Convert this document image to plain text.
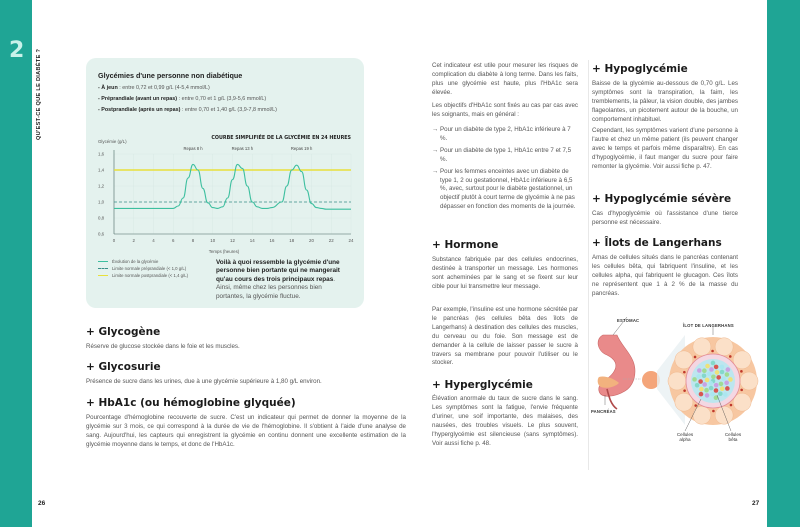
2 QU'EST-CE QUE LE DIABÈTE ?
26	27
Glycémies d'une personne non diabétique
- À jeun : entre 0,72 et 0,99 g/L (4-5,4 mmol/L)
- Préprandiale (avant un repas) : entre 0,70 et 1 g/L (3,9-5,6 mmol/L)
- Postprandiale (après un repas) : entre 0,70 et 1,40 g/L (3,9-7,8 mmol/L)
COURBE SIMPLIFIÉE DE LA GLYCÉMIE EN 24 HEURES
Glycémie (g/L)
Temps (heures)
0	2	4	6	8	10	12	14	16	18	20	22	24
0,6
0,8
1,0
1,2
1,4
1,6
Repas 8 h	Repas 13 h	Repas 19 h
Évolution de la glycémie
Limite normale préprandiale (< 1,0 g/L)
Limite normale postprandiale (< 1,4 g/L)
Voilà à quoi ressemble la glycémie d'une personne bien portante qui ne mangerait qu'au cours des trois principaux repas. Ainsi, même chez les personnes bien portantes, la glycémie fluctue.
+ Glycogène
Réserve de glucose stockée dans le foie et les muscles.
+ Glycosurie
Présence de sucre dans les urines, due à une glycémie supérieure à 1,80 g/L environ.
+ HbA1c (ou hémoglobine glyquée)
Pourcentage d'hémoglobine recouverte de sucre. C'est un indicateur qui permet de donner la moyenne de la glycémie sur 3 mois, ce qui correspond à la durée de vie de l'hémoglobine. Il s'obtient à l'aide d'une analyse de sang. Aujourd'hui, les capteurs qui enregistrent la glycémie en continu donnent une excellente estimation de la glycémie moyenne dans le temps, et donc de l'HbA1c.
Cet indicateur est utile pour mesurer les risques de complication du diabète à long terme. Dans les faits, plus une glycémie est haute, plus l'HbA1c sera élevée.
Les objectifs d'HbA1c sont fixés au cas par cas avec les soignants, mais en général :
→ Pour un diabète de type 2, HbA1c inférieure à 7 %.
→ Pour un diabète de type 1, HbA1c entre 7 et 7,5 %.
→ Pour les femmes enceintes avec un diabète de type 1, 2 ou gestationnel, HbA1c inférieure à 6,5 %, avec, surtout pour le diabète gestationnel, un objectif plutôt à court terme de glycémie à ne pas dépasser en fonction des moments de la journée.
+ Hormone
Substance fabriquée par des cellules endocrines, destinée à transporter un message. Les hormones sont acheminées par le sang et se fixent sur leur cible pour lui transmettre leur message.
Par exemple, l'insuline est une hormone sécrétée par le pancréas (les cellules bêta des îlots de Langerhans) à destination des cellules des muscles, du cerveau ou du foie. Son message est de demander à la cellule de laisser passer le sucre à travers sa membrane pour pouvoir l'utiliser ou le stocker.
+ Hyperglycémie
Élévation anormale du taux de sucre dans le sang. Les symptômes sont la fatigue, l'envie fréquente d'uriner, une soif importante, des malaises, des nausées, des troubles visuels. Le plus souvent, l'hyperglycémie est silencieuse (sans symptômes). Voir aussi fiche p. 48.
+ Hypoglycémie
Baisse de la glycémie au-dessous de 0,70 g/L. Les symptômes sont la transpiration, la faim, les tremblements, la pâleur, la vision double, des jambes flageolantes, un picotement autour de la bouche, un comportement inhabituel.
Cependant, les symptômes varient d'une personne à l'autre et chez un même patient (ils peuvent changer avec le temps et parfois même disparaître). En cas d'hypoglycémie, il faut manger du sucre pour faire remonter la glycémie. Voir aussi fiche p. 47.
+ Hypoglycémie sévère
Cas d'hypoglycémie où l'assistance d'une tierce personne est nécessaire.
+ Îlots de Langerhans
Amas de cellules situés dans le pancréas contenant les cellules bêta, qui fabriquent l'insuline, et les cellules alpha, qui fabriquent le glucagon. Ces îlots ne représentent que 1 à 2 % de la masse du pancréas.
ESTOMAC
PANCRÉAS
ÎLOT DE LANGERHANS
Cellules alpha
Cellules bêta
